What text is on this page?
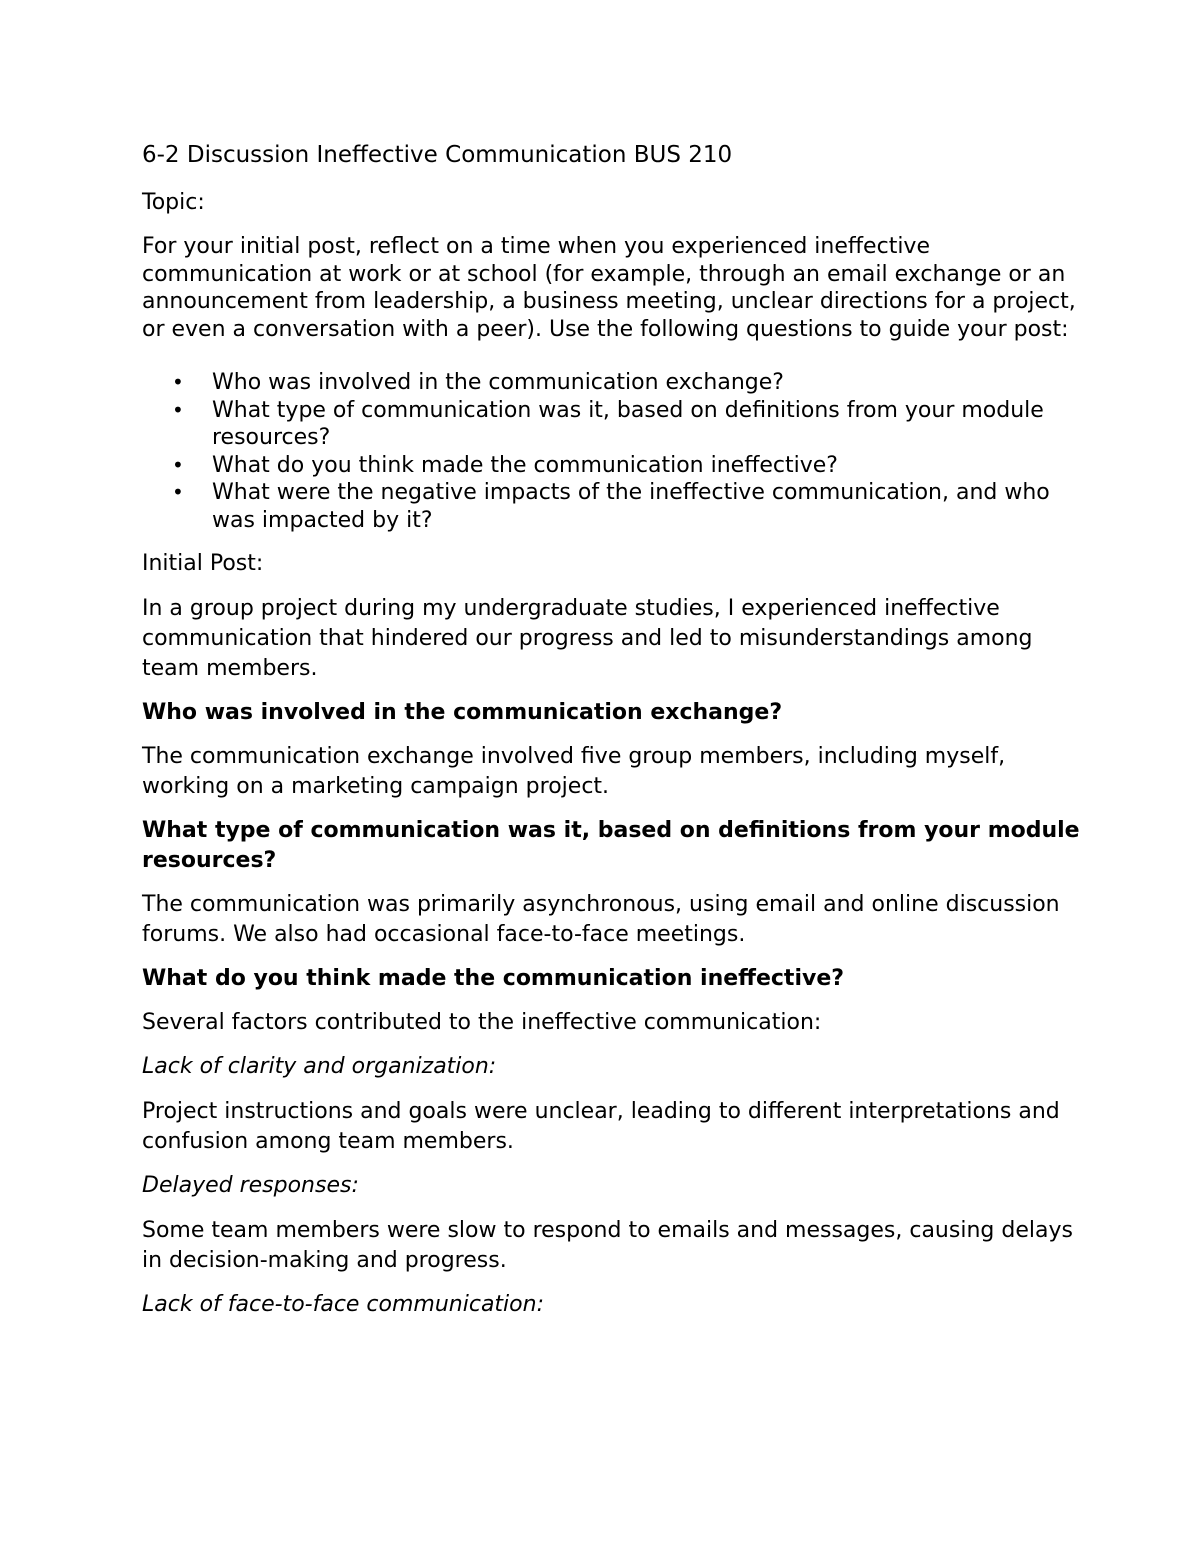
6-2 Discussion Ineffective Communication BUS 210

Topic:

For your initial post, reflect on a time when you experienced ineffective communication at work or at school (for example, through an email exchange or an announcement from leadership, a business meeting, unclear directions for a project, or even a conversation with a peer). Use the following questions to guide your post:

• Who was involved in the communication exchange?
• What type of communication was it, based on definitions from your module resources?
• What do you think made the communication ineffective?
• What were the negative impacts of the ineffective communication, and who was impacted by it?

Initial Post:

In a group project during my undergraduate studies, I experienced ineffective communication that hindered our progress and led to misunderstandings among team members.

Who was involved in the communication exchange?

The communication exchange involved five group members, including myself, working on a marketing campaign project.

What type of communication was it, based on definitions from your module resources?

The communication was primarily asynchronous, using email and online discussion forums. We also had occasional face-to-face meetings.

What do you think made the communication ineffective?

Several factors contributed to the ineffective communication:

Lack of clarity and organization:

Project instructions and goals were unclear, leading to different interpretations and confusion among team members.

Delayed responses:

Some team members were slow to respond to emails and messages, causing delays in decision-making and progress.

Lack of face-to-face communication:
